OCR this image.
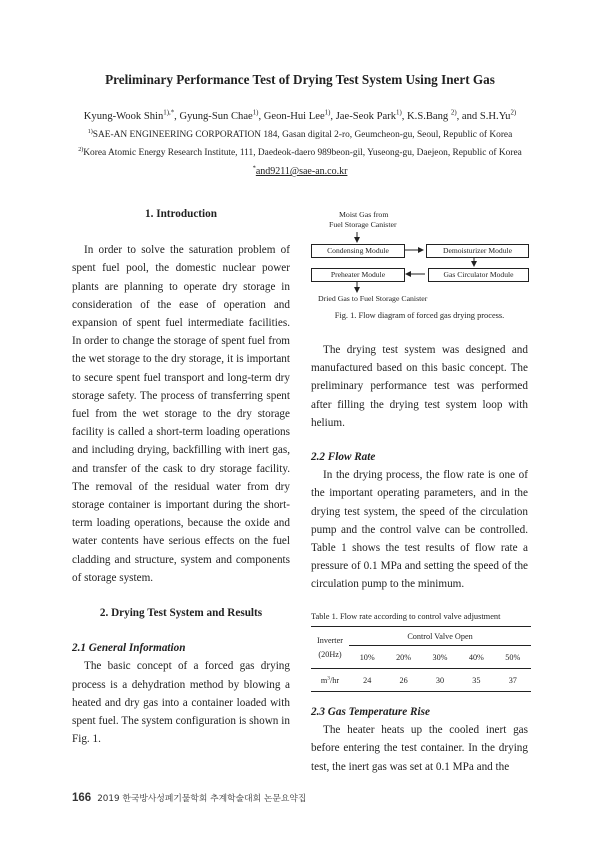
Preliminary Performance Test of Drying Test System Using Inert Gas
Kyung-Wook Shin$^{1),*}$, Gyung-Sun Chae$^{1)}$, Geon-Hui Lee$^{1)}$, Jae-Seok Park$^{1)}$, K.S.Bang $^{2)}$, and S.H.Yu$^{2)}$
$^{1)}$SAE-AN ENGINEERING CORPORATION 184, Gasan digital 2-ro, Geumcheon-gu, Seoul, Republic of Korea
$^{2)}$Korea Atomic Energy Research Institute, 111, Daedeok-daero 989beon-gil, Yuseong-gu, Daejeon, Republic of Korea
*and9211@sae-an.co.kr
1. Introduction

In order to solve the saturation problem of spent fuel pool, the domestic nuclear power plants are planning to operate dry storage in consideration of the ease of operation and expansion of spent fuel intermediate facilities. In order to change the storage of spent fuel from the wet storage to the dry storage, it is important to secure spent fuel transport and long-term dry storage safety. The process of transferring spent fuel from the wet storage to the dry storage facility is called a short-term loading operations and including drying, backfilling with inert gas, and transfer of the cask to dry storage facility. The removal of the residual water from dry storage container is important during the short-term loading operations, because the oxide and water contents have serious effects on the fuel cladding and structure, system and components of storage system.

2. Drying Test System and Results
2.1 General Information

The basic concept of a forced gas drying process is a dehydration method by blowing a heated and dry gas into a container loaded with spent fuel. The system configuration is shown in Fig. 1.

Moist Gas from
Fuel Storage Canister
Condensing Module	Demoisturizer Module
Preheater Module	Gas Circulator Module
Dried Gas to Fuel Storage Canister
Fig. 1. Flow diagram of forced gas drying process.

The drying test system was designed and manufactured based on this basic concept. The preliminary performance test was performed after filling the drying test system loop with helium.

2.2 Flow Rate

In the drying process, the flow rate is one of the important operating parameters, and in the drying test system, the speed of the circulation pump and the control valve can be controlled. Table 1 shows the test results of flow rate a pressure of 0.1 MPa and setting the speed of the circulation pump to the minimum.

Table 1. Flow rate according to control valve adjustment
Inverter
(20Hz)	Control Valve Open				
	10%	20%	30%	40%	50%
$m^3/hr$	24	26	30	35	37
2.3 Gas Temperature Rise

The heater heats up the cooled inert gas before entering the test container. In the drying test, the inert gas was set at 0.1 MPa and the

166 2019 한국방사성폐기물학회 추계학술대회 논문요약집
